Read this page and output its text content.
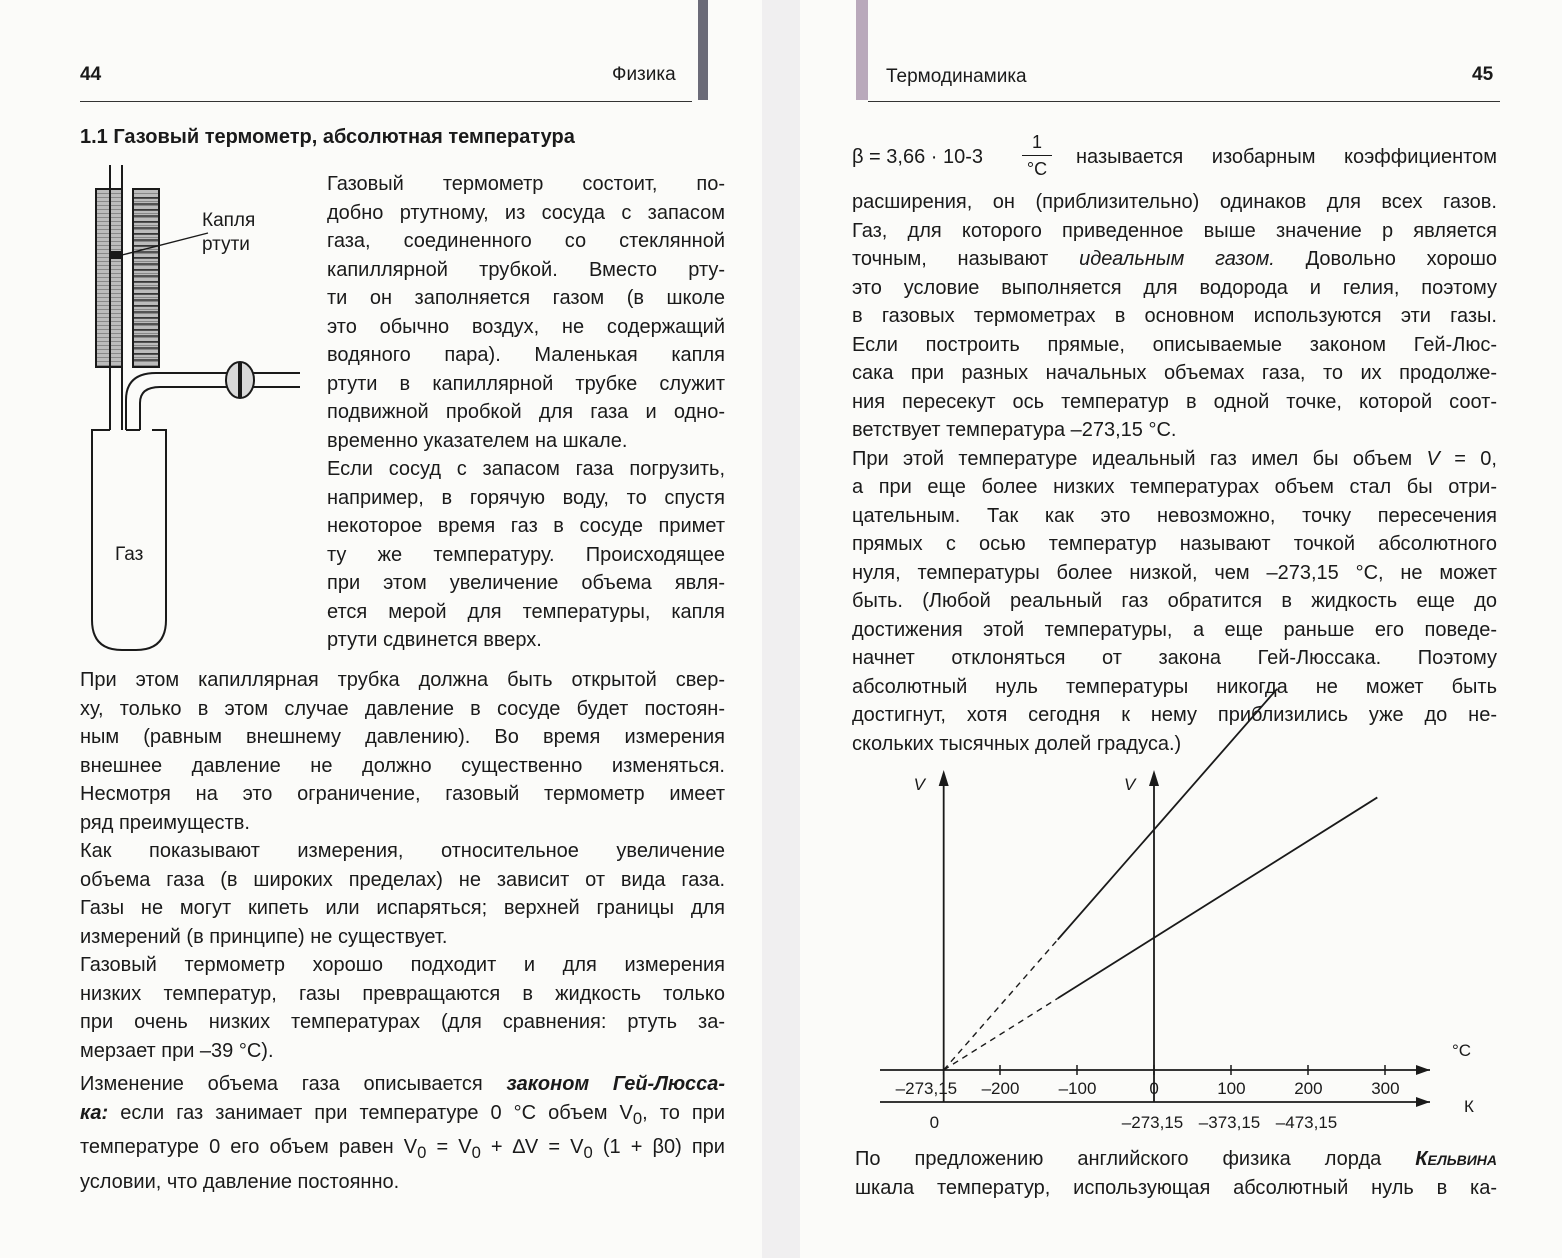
44	Физика
1.1 Газовый термометр, абсолютная температура
Капля
ртути
Газ

Газовый термометр состоит, по-

добно ртутному, из сосуда с запасом

газа, соединенного со стеклянной

капиллярной трубкой. Вместо рту-

ти он заполняется газом (в школе

это обычно воздух, не содержащий

водяного пара). Маленькая капля

ртути в капиллярной трубке служит

подвижной пробкой для газа и одно-

временно указателем на шкале.

Если сосуд с запасом газа погрузить,

например, в горячую воду, то спустя

некоторое время газ в сосуде примет

ту же температуру. Происходящее

при этом увеличение объема явля-

ется мерой для температуры, капля

ртути сдвинется вверх.

При этом капиллярная трубка должна быть открытой свер-

ху, только в этом случае давление в сосуде будет постоян-

ным (равным внешнему давлению). Во время измерения

внешнее давление не должно существенно изменяться.

Несмотря на это ограничение, газовый термометр имеет

ряд преимуществ.

Как показывают измерения, относительное увеличение

объема газа (в широких пределах) не зависит от вида газа.

Газы не могут кипеть или испаряться; верхней границы для

измерений (в принципе) не существует.

Газовый термометр хорошо подходит и для измерения

низких температур, газы превращаются в жидкость только

при очень низких температурах (для сравнения: ртуть за-

мерзает при –39 °C).

Изменение объема газа описывается законом Гей-Люсса-

ка: если газ занимает при температуре 0 °C объем $V_0$, то при

температуре 0 его объем равен $V_0 = V_0 + \Delta V = V_0$ (1 + β0) при

условии, что давление постоянно.

Термодинамика	45
β = 3,66 · 10-3
1
°C
называется изобарным коэффициентом

расширения, он (приблизительно) одинаков для всех газов.

Газ, для которого приведенное выше значение р является

точным, называют идеальным газом. Довольно хорошо

это условие выполняется для водорода и гелия, поэтому

в газовых термометрах в основном используются эти газы.

Если построить прямые, описываемые законом Гей-Люс-

сака при разных начальных объемах газа, то их продолже-

ния пересекут ось температур в одной точке, которой соот-

ветствует температура –273,15 °C.

При этой температуре идеальный газ имел бы объем V = 0,

а при еще более низких температурах объем стал бы отри-

цательным. Так как это невозможно, точку пересечения

прямых с осью температур называют точкой абсолютного

нуля, температуры более низкой, чем –273,15 °C, не может

быть. (Любой реальный газ обратится в жидкость еще до

достижения этой температуры, а еще раньше его поведе-

начнет отклоняться от закона Гей-Люссака. Поэтому

абсолютный нуль температуры никогда не может быть

достигнут, хотя сегодня к нему приблизились уже до не-

скольких тысячных долей градуса.)

°C
К
V	V
–273,15 –200 –100	0	100	200	300
0	–273,15 –373,15 –473,15

По предложению английского физика лорда Кельвина

шкала температур, использующая абсолютный нуль в ка-
